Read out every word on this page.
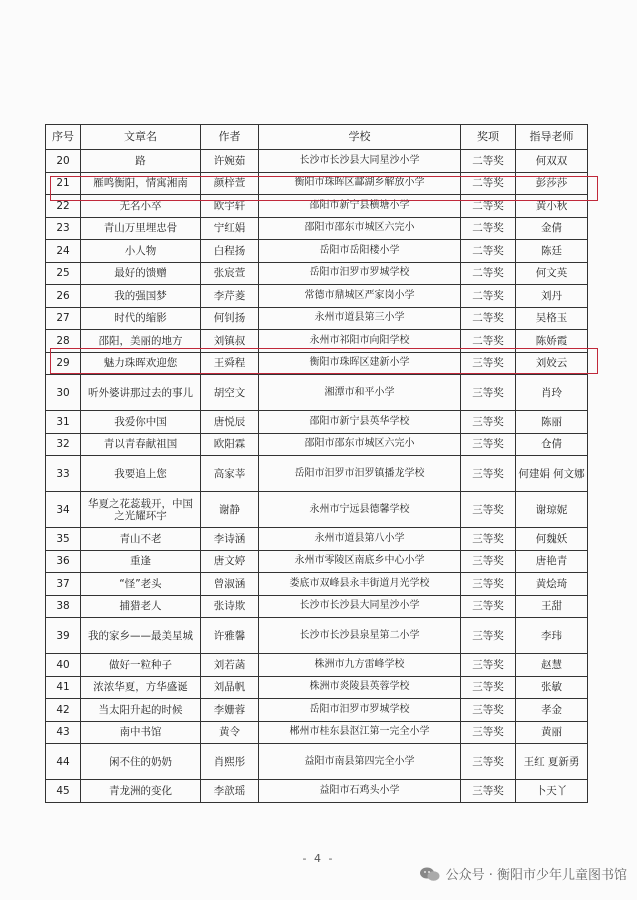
序号	文章名	作者	学校	奖项	指导老师
20	路	许婉茹	长沙市长沙县大同星沙小学	二等奖	何双双
21	雁鸣衡阳，情寓湘南	颜梓萱	衡阳市珠晖区酃湖乡解放小学	二等奖	彭莎莎
22	无名小卒	欧宇轩	邵阳市新宁县横塘小学	二等奖	黄小秋
23	青山万里埋忠骨	宁红娟	邵阳市邵东市城区六完小	二等奖	金倩
24	小人物	白程扬	岳阳市岳阳楼小学	二等奖	陈廷
25	最好的馈赠	张宸萱	岳阳市汨罗市罗城学校	二等奖	何文英
26	我的强国梦	李芹菱	常德市鼎城区严家岗小学	二等奖	刘丹
27	时代的缩影	何钊扬	永州市道县第三小学	二等奖	吴格玉
28	邵阳，美丽的地方	刘镇叔	永州市祁阳市向阳学校	二等奖	陈娇霞
29	魅力珠晖欢迎您	王舜程	衡阳市珠晖区建新小学	三等奖	刘姣云
30	听外婆讲那过去的事儿	胡空文	湘潭市和平小学	三等奖	肖玲
31	我爱你中国	唐悦辰	邵阳市新宁县英华学校	三等奖	陈丽
32	青以青春献祖国	欧阳霖	邵阳市邵东市城区六完小	三等奖	仓倩
33	我要追上您	高家莘	岳阳市汨罗市汨罗镇播龙学校	三等奖	何建娟 何文娜
34	华夏之花蕊载开，中国之光耀环宇	谢静	永州市宁远县德馨学校	三等奖	谢琼妮
35	青山不老	李诗涵	永州市道县第八小学	三等奖	何魏妖
36	重逢	唐文婷	永州市零陵区南底乡中心小学	三等奖	唐艳青
37	“怪”老头	曾淑涵	娄底市双峰县永丰街道月光学校	三等奖	黄烩琦
38	捕猎老人	张诗欺	长沙市长沙县大同星沙小学	三等奖	王甜
39	我的家乡——最美星城	许雅馨	长沙市长沙县泉星第二小学	三等奖	李玮
40	做好一粒种子	刘若菡	株洲市九方雷峰学校	三等奖	赵慧
41	浓浓华夏，方华盛诞	刘晶帆	株洲市炎陵县英蓉学校	三等奖	张敏
42	当太阳升起的时候	李姗蓉	岳阳市汨罗市罗城学校	三等奖	孝金
43	南中书馆	黄令	郴州市桂东县沤江第一完全小学	三等奖	黄丽
44	闲不住的奶奶	肖熙彤	益阳市南县第四完全小学	三等奖	王红 夏新勇
45	青龙洲的变化	李歆瑶	益阳市石鸡头小学	三等奖	卜天丫
- 4 -
公众号 · 衡阳市少年儿童图书馆
